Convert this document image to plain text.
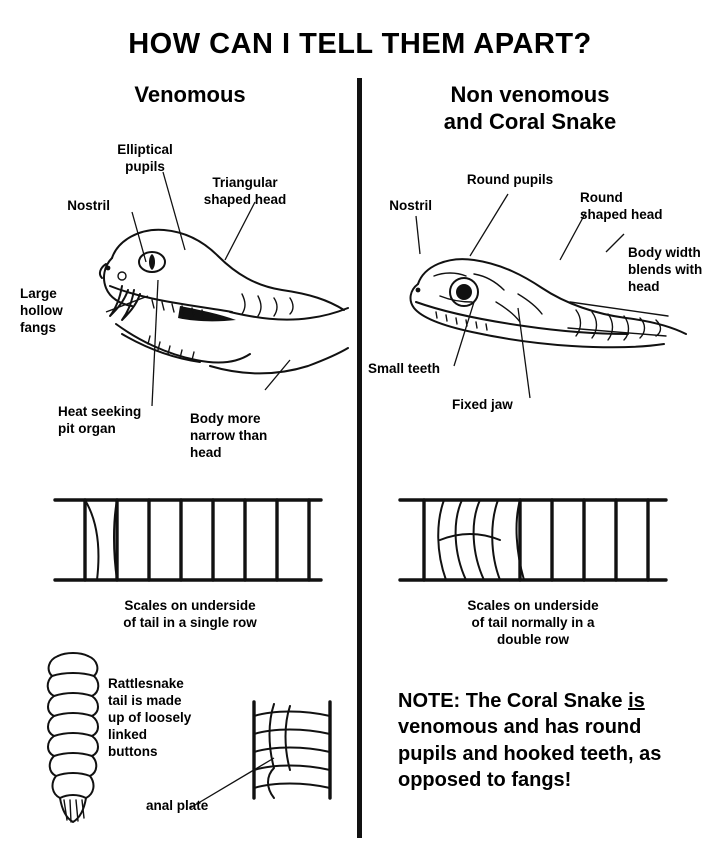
HOW CAN I TELL THEM APART?
Venomous	Non venomous
and Coral Snake
Elliptical
pupils
Triangular
shaped head
Nostril
Large
hollow
fangs
Heat seeking
pit organ
Body more
narrow than
head
Round pupils
Nostril
Round
shaped head
Body width
blends with
head
Small teeth
Fixed jaw
Scales on underside
of tail in a single row
Scales on underside
of tail normally in a
double row
Rattlesnake
tail is made
up of loosely
linked
buttons
anal plate
NOTE: The Coral Snake is venomous and has round pupils and hooked teeth, as opposed to fangs!
